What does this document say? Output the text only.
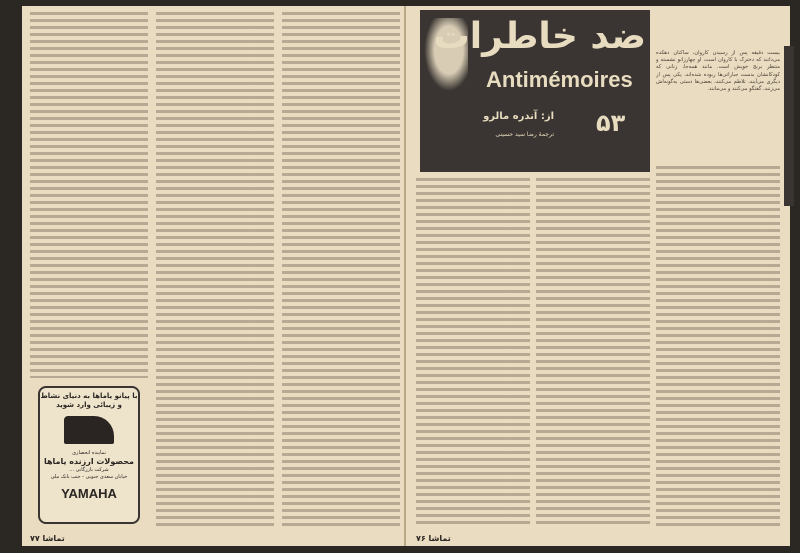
با پیانو یاماها به دنیای نشاط و زیبائی وارد شوید
نماینده انحصاری
محصولات ارزنده یاماها
شرکت بازرگانی ...
خیابان سعدی جنوبی - جنب بانک ملی
YAMAHA
تماشا ۷۷
ضد خاطرات
Antimémoires
از: آندره مالرو
ترجمهٔ رضا سید حسینی ۵۳
بیست دقیقه پس از رسیدن کاروان، ساکنان دهکده می‌دانند که دخترک با کاروان است، او چهارزانو نشسته و منتظر برنج خویش است. مانند همه‌جا، زنانی که کودکانشان بدست جباراتی‌ها ربوده شده‌اند، یکی پس از دیگری می‌آیند، تلاطم می‌کنند، بعضی‌ها دستی به‌گونه‌اش می‌زنند، گفتگو می‌کنند و می‌مانند.
تماشا ۷۶
